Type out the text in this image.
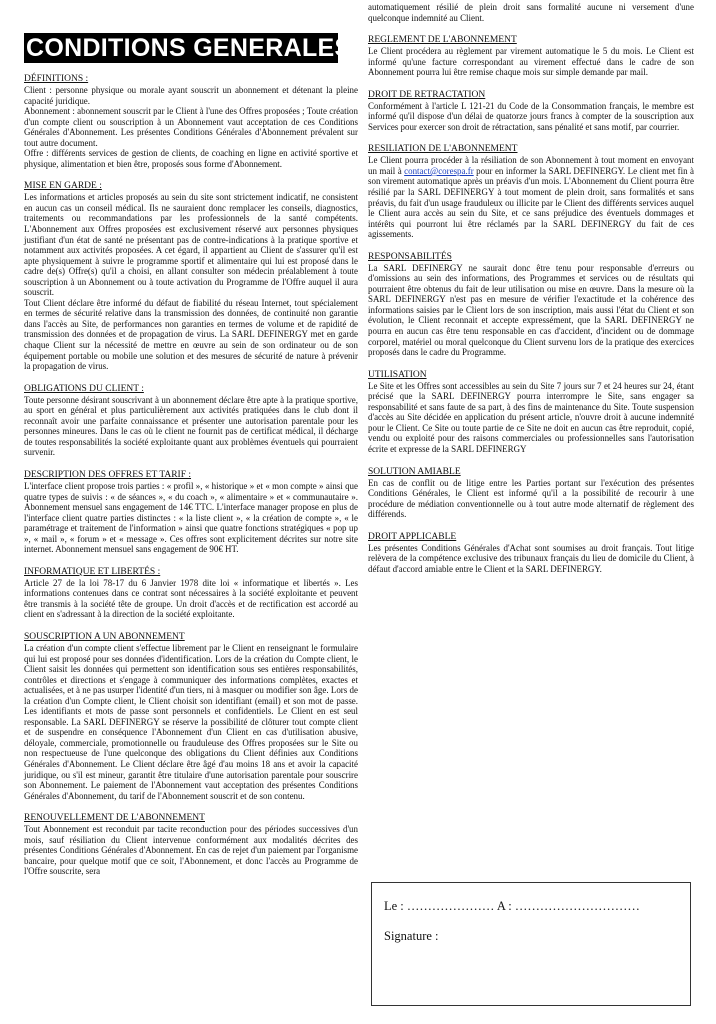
CONDITIONS GENERALES

DÉFINITIONS :

Client : personne physique ou morale ayant souscrit un abonnement et détenant la pleine capacité juridique.

Abonnement : abonnement souscrit par le Client à l'une des Offres proposées ; Toute création d'un compte client ou souscription à un Abonnement vaut acceptation de ces Conditions Générales d'Abonnement. Les présentes Conditions Générales d'Abonnement prévalent sur tout autre document.

Offre : différents services de gestion de clients, de coaching en ligne en activité sportive et physique, alimentation et bien être, proposés sous forme d'Abonnement.

MISE EN GARDE :

Les informations et articles proposés au sein du site sont strictement indicatif, ne consistent en aucun cas un conseil médical. Ils ne sauraient donc remplacer les conseils, diagnostics, traitements ou recommandations par les professionnels de la santé compétents. L'Abonnement aux Offres proposées est exclusivement réservé aux personnes physiques justifiant d'un état de santé ne présentant pas de contre-indications à la pratique sportive et notamment aux activités proposées. A cet égard, il appartient au Client de s'assurer qu'il est apte physiquement à suivre le programme sportif et alimentaire qui lui est proposé dans le cadre de(s) Offre(s) qu'il a choisi, en allant consulter son médecin préalablement à toute souscription à un Abonnement ou à toute activation du Programme de l'Offre auquel il aura souscrit.

Tout Client déclare être informé du défaut de fiabilité du réseau Internet, tout spécialement en termes de sécurité relative dans la transmission des données, de continuité non garantie dans l'accès au Site, de performances non garanties en termes de volume et de rapidité de transmission des données et de propagation de virus. La SARL DEFINERGY met en garde chaque Client sur la nécessité de mettre en œuvre au sein de son ordinateur ou de son équipement portable ou mobile une solution et des mesures de sécurité de nature à prévenir la propagation de virus.

OBLIGATIONS DU CLIENT :

Toute personne désirant souscrivant à un abonnement déclare être apte à la pratique sportive, au sport en général et plus particulièrement aux activités pratiquées dans le club dont il reconnaît avoir une parfaite connaissance et présenter une autorisation parentale pour les personnes mineures. Dans le cas où le client ne fournit pas de certificat médical, il décharge de toutes responsabilités la société exploitante quant aux problèmes éventuels qui pourraient survenir.

DESCRIPTION DES OFFRES ET TARIF :

L'interface client propose trois parties : « profil », « historique » et « mon compte » ainsi que quatre types de suivis : « de séances », « du coach », « alimentaire » et « communautaire ». Abonnement mensuel sans engagement de 14€ TTC. L'interface manager propose en plus de l'interface client quatre parties distinctes : « la liste client », « la création de compte », « le paramétrage et traitement de l'information » ainsi que quatre fonctions stratégiques « pop up », « mail », « forum » et « message ». Ces offres sont explicitement décrites sur notre site internet. Abonnement mensuel sans engagement de 90€ HT.

INFORMATIQUE ET LIBERTÉS :

Article 27 de la loi 78-17 du 6 Janvier 1978 dite loi « informatique et libertés ». Les informations contenues dans ce contrat sont nécessaires à la société exploitante et peuvent être transmis à la société tête de groupe. Un droit d'accès et de rectification est accordé au client en s'adressant à la direction de la société exploitante.

SOUSCRIPTION A UN ABONNEMENT

La création d'un compte client s'effectue librement par le Client en renseignant le formulaire qui lui est proposé pour ses données d'identification. Lors de la création du Compte client, le Client saisit les données qui permettent son identification sous ses entières responsabilités, contrôles et directions et s'engage à communiquer des informations complètes, exactes et actualisées, et à ne pas usurper l'identité d'un tiers, ni à masquer ou modifier son âge. Lors de la création d'un Compte client, le Client choisit son identifiant (email) et son mot de passe. Les identifiants et mots de passe sont personnels et confidentiels. Le Client en est seul responsable. La SARL DEFINERGY se réserve la possibilité de clôturer tout compte client et de suspendre en conséquence l'Abonnement d'un Client en cas d'utilisation abusive, déloyale, commerciale, promotionnelle ou frauduleuse des Offres proposées sur le Site ou non respectueuse de l'une quelconque des obligations du Client définies aux Conditions Générales d'Abonnement. Le Client déclare être âgé d'au moins 18 ans et avoir la capacité juridique, ou s'il est mineur, garantit être titulaire d'une autorisation parentale pour souscrire son Abonnement. Le paiement de l'Abonnement vaut acceptation des présentes Conditions Générales d'Abonnement, du tarif de l'Abonnement souscrit et de son contenu.

RENOUVELLEMENT DE L'ABONNEMENT

Tout Abonnement est reconduit par tacite reconduction pour des périodes successives d'un mois, sauf résiliation du Client intervenue conformément aux modalités décrites des présentes Conditions Générales d'Abonnement. En cas de rejet d'un paiement par l'organisme bancaire, pour quelque motif que ce soit, l'Abonnement, et donc l'accès au Programme de l'Offre souscrite, sera

automatiquement résilié de plein droit sans formalité aucune ni versement d'une quelconque indemnité au Client.

REGLEMENT DE L'ABONNEMENT

Le Client procédera au règlement par virement automatique le 5 du mois. Le Client est informé qu'une facture correspondant au virement effectué dans le cadre de son Abonnement pourra lui être remise chaque mois sur simple demande par mail.

DROIT DE RETRACTATION

Conformément à l'article L 121-21 du Code de la Consommation français, le membre est informé qu'il dispose d'un délai de quatorze jours francs à compter de la souscription aux Services pour exercer son droit de rétractation, sans pénalité et sans motif, par courrier.

RESILIATION DE L'ABONNEMENT

Le Client pourra procéder à la résiliation de son Abonnement à tout moment en envoyant un mail à contact@corespa.fr pour en informer la SARL DEFINERGY. Le client met fin à son virement automatique après un préavis d'un mois. L'Abonnement du Client pourra être résilié par la SARL DEFINERGY à tout moment de plein droit, sans formalités et sans préavis, du fait d'un usage frauduleux ou illicite par le Client des différents services auquel le Client aura accès au sein du Site, et ce sans préjudice des éventuels dommages et intérêts qui pourront lui être réclamés par la SARL DEFINERGY du fait de ces agissements.

RESPONSABILITÉS

La SARL DEFINERGY ne saurait donc être tenu pour responsable d'erreurs ou d'omissions au sein des informations, des Programmes et services ou de résultats qui pourraient être obtenus du fait de leur utilisation ou mise en œuvre. Dans la mesure où la SARL DEFINERGY n'est pas en mesure de vérifier l'exactitude et la cohérence des informations saisies par le Client lors de son inscription, mais aussi l'état du Client et son évolution, le Client reconnait et accepte expressément, que la SARL DEFINERGY ne pourra en aucun cas être tenu responsable en cas d'accident, d'incident ou de dommage corporel, matériel ou moral quelconque du Client survenu lors de la pratique des exercices proposés dans le cadre du Programme.

UTILISATION

Le Site et les Offres sont accessibles au sein du Site 7 jours sur 7 et 24 heures sur 24, étant précisé que la SARL DEFINERGY pourra interrompre le Site, sans engager sa responsabilité et sans faute de sa part, à des fins de maintenance du Site. Toute suspension d'accès au Site décidée en application du présent article, n'ouvre droit à aucune indemnité pour le Client. Ce Site ou toute partie de ce Site ne doit en aucun cas être reproduit, copié, vendu ou exploité pour des raisons commerciales ou professionnelles sans l'autorisation écrite et expresse de la SARL DEFINERGY

SOLUTION AMIABLE

En cas de conflit ou de litige entre les Parties portant sur l'exécution des présentes Conditions Générales, le Client est informé qu'il a la possibilité de recourir à une procédure de médiation conventionnelle ou à tout autre mode alternatif de règlement des différends.

DROIT APPLICABLE

Les présentes Conditions Générales d'Achat sont soumises au droit français. Tout litige relèvera de la compétence exclusive des tribunaux français du lieu de domicile du Client, à défaut d'accord amiable entre le Client et la SARL DEFINERGY.

Le : ………………… A : …………………………
Signature :
